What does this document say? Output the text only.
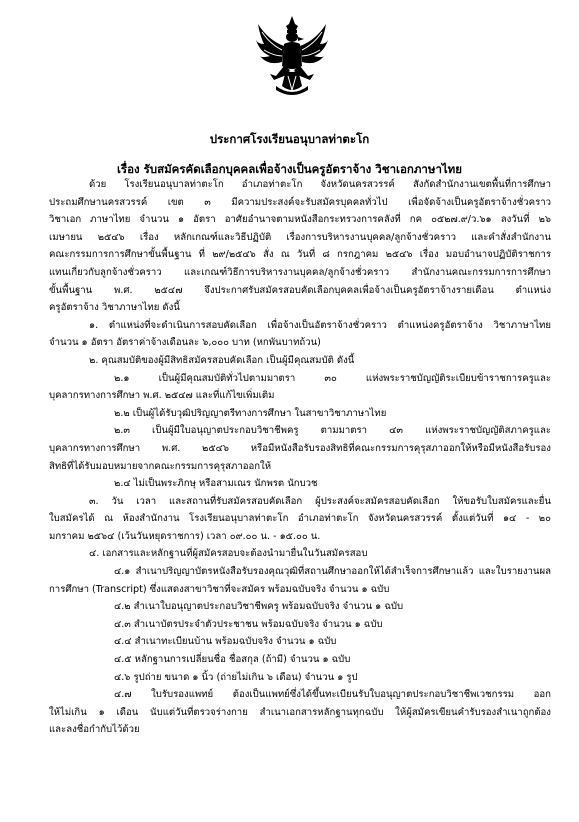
ประกาศโรงเรียนอนุบาลท่าตะโก
เรื่อง รับสมัครคัดเลือกบุคคลเพื่อจ้างเป็นครูอัตราจ้าง วิชาเอกภาษาไทย
ด้วย โรงเรียนอนุบาลท่าตะโก อำเภอท่าตะโก จังหวัดนครสวรรค์ สังกัดสำนักงานเขตพื้นที่การศึกษา
ประถมศึกษานครสวรรค์ เขต ๓ มีความประสงค์จะรับสมัครบุคคลทั่วไป เพื่อจัดจ้างเป็นครูอัตราจ้างชั่วคราว
วิชาเอก ภาษาไทย จำนวน ๑ อัตรา อาศัยอำนาจตามหนังสือกระทรวงการคลังที่ กค ๐๕๒๗.๙/ว.๖๑ ลงวันที่ ๒๖
เมษายน ๒๕๔๖ เรื่อง หลักเกณฑ์และวิธีปฏิบัติ เรื่องการบริหารงานบุคคล/ลูกจ้างชั่วคราว และคำสั่งสำนักงาน
คณะกรรมการการศึกษาขั้นพื้นฐาน ที่ ๒๙/๒๕๔๖ สั่ง ณ วันที่ ๘ กรกฎาคม ๒๕๔๖ เรื่อง มอบอำนาจปฏิบัติราชการ
แทนเกี่ยวกับลูกจ้างชั่วคราว และเกณฑ์วิธีการบริหารงานบุคคล/ลูกจ้างชั่วคราว สำนักงานคณะกรรมการการศึกษา
ขั้นพื้นฐาน พ.ศ. ๒๕๔๗ จึงประกาศรับสมัครสอบคัดเลือกบุคคลเพื่อจ้างเป็นครูอัตราจ้างรายเดือน ตำแหน่ง
ครูอัตราจ้าง วิชาภาษาไทย ดังนี้
๑. ตำแหน่งที่จะดำเนินการสอบคัดเลือก เพื่อจ้างเป็นอัตราจ้างชั่วคราว ตำแหน่งครูอัตราจ้าง วิชาภาษาไทย
จำนวน ๑ อัตรา อัตราค่าจ้างเดือนละ ๖,๐๐๐ บาท (หกพันบาทถ้วน)
๒. คุณสมบัติของผู้มีสิทธิสมัครสอบคัดเลือก เป็นผู้มีคุณสมบัติ ดังนี้
๒.๑ เป็นผู้มีคุณสมบัติทั่วไปตามมาตรา ๓๐ แห่งพระราชบัญญัติระเบียบข้าราชการครูและ
บุคลากรทางการศึกษา พ.ศ. ๒๕๔๗ และที่แก้ไขเพิ่มเติม
๒.๒ เป็นผู้ได้รับวุฒิปริญญาตรีทางการศึกษา ในสาขาวิชาภาษาไทย
๒.๓ เป็นผู้มีใบอนุญาตประกอบวิชาชีพครู ตามมาตรา ๔๓ แห่งพระราชบัญญัติสภาครูและ
บุคลากรทางการศึกษา พ.ศ. ๒๕๔๖ หรือมีหนังสือรับรองสิทธิที่คณะกรรมการคุรุสภาออกให้หรือมีหนังสือรับรอง
สิทธิที่ได้รับมอบหมายจากคณะกรรมการคุรุสภาออกให้
๒.๔ ไม่เป็นพระภิกษุ หรือสามเณร นักพรต นักบวช
๓. วัน เวลา และสถานที่รับสมัครสอบคัดเลือก ผู้ประสงค์จะสมัครสอบคัดเลือก ให้ขอรับใบสมัครและยื่น
ใบสมัครได้ ณ ห้องสำนักงาน โรงเรียนอนุบาลท่าตะโก อำเภอท่าตะโก จังหวัดนครสวรรค์ ตั้งแต่วันที่ ๑๔ - ๒๐
มกราคม ๒๕๖๔ (เว้นวันหยุดราชการ) เวลา ๐๙.๐๐ น. - ๑๕.๐๐ น.
๔. เอกสารและหลักฐานที่ผู้สมัครสอบจะต้องนำมายื่นในวันสมัครสอบ
๔.๑ สำเนาปริญญาบัตรหนังสือรับรองคุณวุฒิที่สถานศึกษาออกให้ได้สำเร็จการศึกษาแล้ว และใบรายงานผล
การศึกษา (Transcript) ซึ่งแสดงสาขาวิชาที่จะสมัคร พร้อมฉบับจริง จำนวน ๑ ฉบับ
๔.๒ สำเนาใบอนุญาตประกอบวิชาชีพครู พร้อมฉบับจริง จำนวน ๑ ฉบับ
๔.๓ สำเนาบัตรประจำตัวประชาชน พร้อมฉบับจริง จำนวน ๑ ฉบับ
๔.๔ สำเนาทะเบียนบ้าน พร้อมฉบับจริง จำนวน ๑ ฉบับ
๔.๕ หลักฐานการเปลี่ยนชื่อ ชื่อสกุล (ถ้ามี) จำนวน ๑ ฉบับ
๔.๖ รูปถ่าย ขนาด ๑ นิ้ว (ถ่ายไม่เกิน ๖ เดือน) จำนวน ๑ รูป
๔.๗ ใบรับรองแพทย์ ต้องเป็นแพทย์ซึ่งได้ขึ้นทะเบียนรับใบอนุญาตประกอบวิชาชีพเวชกรรม ออก
ให้ไม่เกิน ๑ เดือน นับแต่วันที่ตรวจร่างกาย สำเนาเอกสารหลักฐานทุกฉบับ ให้ผู้สมัครเขียนคำรับรองสำเนาถูกต้อง
และลงชื่อกำกับไว้ด้วย
